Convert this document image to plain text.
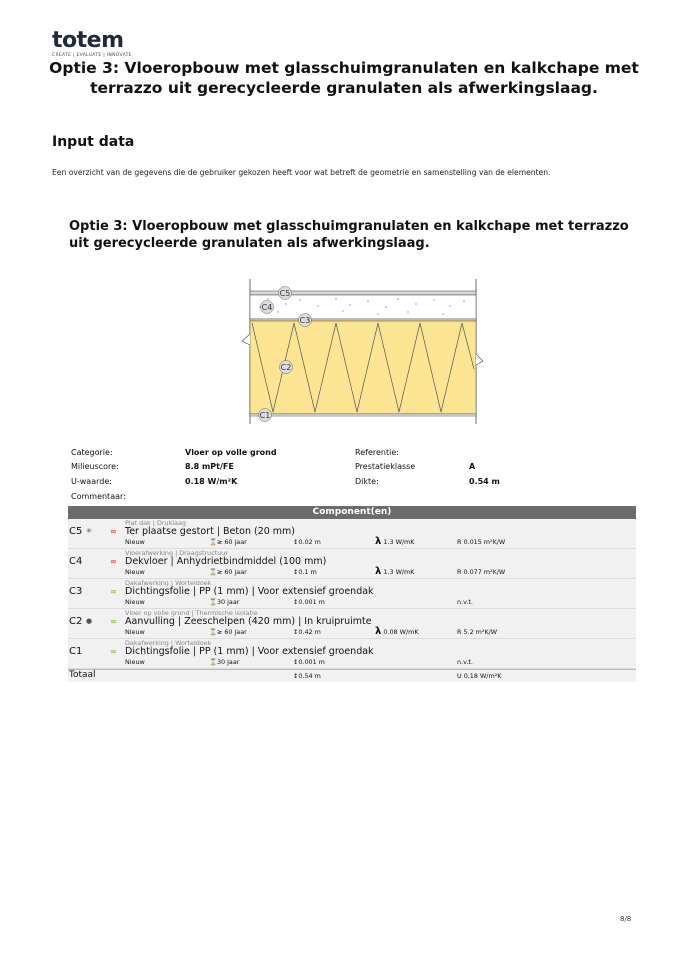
totem
CREATE | EVALUATE | INNOVATE
Optie 3: Vloeropbouw met glasschuimgranulaten en kalkchape met terrazzo uit gerecycleerde granulaten als afwerkingslaag.
Input data
Een overzicht van de gegevens die de gebruiker gekozen heeft voor wat betreft de geometrie en samenstelling van de elementen.
Optie 3: Vloeropbouw met glasschuimgranulaten en kalkchape met terrazzo uit gerecycleerde granulaten als afwerkingslaag.
C5
C4
C3
C2
C1
Categorie:	Vloer op volle grond	Referentie:
Milieuscore:	8.8 mPt/FE	Prestatieklasse	A
U-waarde:	0.18 W/m²K	Dikte:	0.54 m
Commentaar:
Component(en)
C5 ✳ ∞
Plat dak | Druklaag
Ter plaatse gestort | Beton (20 mm)
Nieuw	⌛≥ 60 jaar	↕0.02 m	λ 1.3 W/mK	R 0.015 m²K/W
C4	∞
Vloerafwerking | Draagstructuur
Dekvloer | Anhydrietbindmiddel (100 mm)
Nieuw	⌛≥ 60 jaar	↕0.1 m	λ 1.3 W/mK	R 0.077 m²K/W
C3	∞
Dakafwerking | Worteldoek
Dichtingsfolie | PP (1 mm) | Voor extensief groendak
Nieuw	⌛30 jaar	↕0.001 m	n.v.t.
C2 ● ∞
Vloer op volle grond | Thermische isolatie
Aanvulling | Zeeschelpen (420 mm) | In kruipruimte
Nieuw	⌛≥ 60 jaar	↕0.42 m	λ 0.08 W/mK	R 5.2 m²K/W
C1	∞
Dakafwerking | Worteldoek
Dichtingsfolie | PP (1 mm) | Voor extensief groendak
Nieuw	⌛30 jaar	↕0.001 m	n.v.t.
Totaal	↕0.54 m	U 0.18 W/m²K
8/8
